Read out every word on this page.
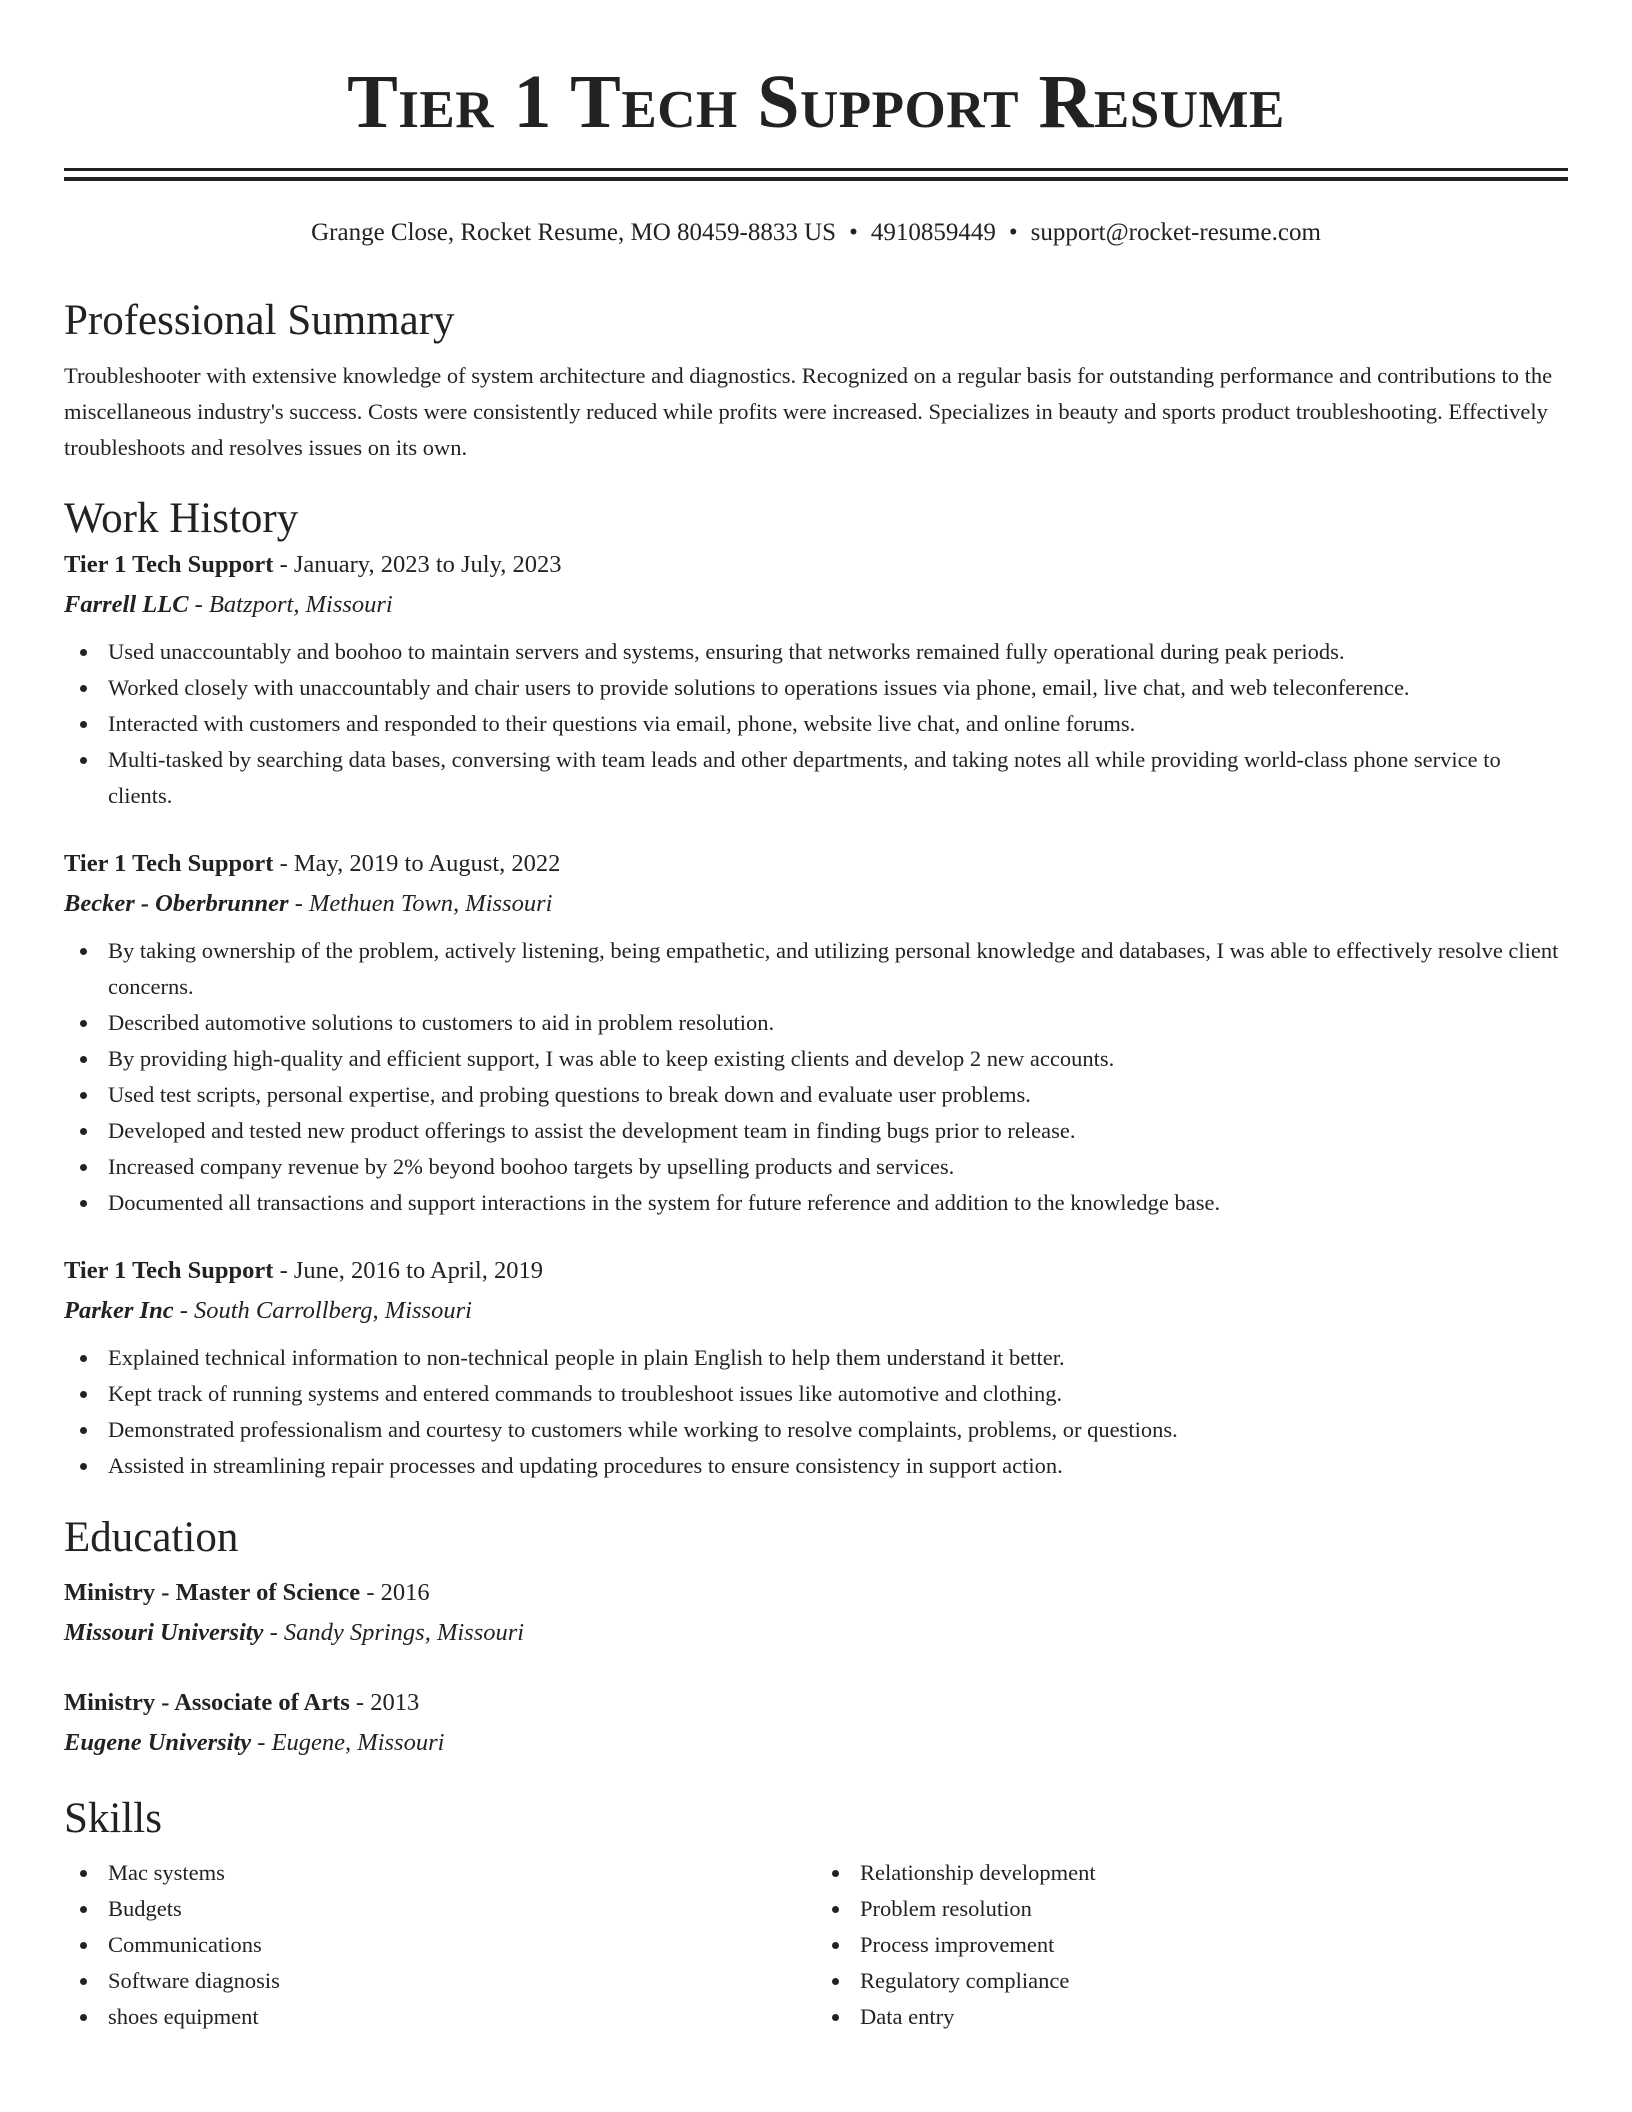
Tier 1 Tech Support Resume
Grange Close, Rocket Resume, MO 80459-8833 US • 4910859449 • support@rocket-resume.com
Professional Summary

Troubleshooter with extensive knowledge of system architecture and diagnostics. Recognized on a regular basis for outstanding performance and contributions to the miscellaneous industry's success. Costs were consistently reduced while profits were increased. Specializes in beauty and sports product troubleshooting. Effectively troubleshoots and resolves issues on its own.

Work History
Tier 1 Tech Support - January, 2023 to July, 2023
Farrell LLC - Batzport, Missouri
Used unaccountably and boohoo to maintain servers and systems, ensuring that networks remained fully operational during peak periods.
Worked closely with unaccountably and chair users to provide solutions to operations issues via phone, email, live chat, and web teleconference.
Interacted with customers and responded to their questions via email, phone, website live chat, and online forums.
Multi-tasked by searching data bases, conversing with team leads and other departments, and taking notes all while providing world-class phone service to clients.
Tier 1 Tech Support - May, 2019 to August, 2022
Becker - Oberbrunner - Methuen Town, Missouri
By taking ownership of the problem, actively listening, being empathetic, and utilizing personal knowledge and databases, I was able to effectively resolve client concerns.
Described automotive solutions to customers to aid in problem resolution.
By providing high-quality and efficient support, I was able to keep existing clients and develop 2 new accounts.
Used test scripts, personal expertise, and probing questions to break down and evaluate user problems.
Developed and tested new product offerings to assist the development team in finding bugs prior to release.
Increased company revenue by 2% beyond boohoo targets by upselling products and services.
Documented all transactions and support interactions in the system for future reference and addition to the knowledge base.
Tier 1 Tech Support - June, 2016 to April, 2019
Parker Inc - South Carrollberg, Missouri
Explained technical information to non-technical people in plain English to help them understand it better.
Kept track of running systems and entered commands to troubleshoot issues like automotive and clothing.
Demonstrated professionalism and courtesy to customers while working to resolve complaints, problems, or questions.
Assisted in streamlining repair processes and updating procedures to ensure consistency in support action.
Education
Ministry - Master of Science - 2016
Missouri University - Sandy Springs, Missouri
Ministry - Associate of Arts - 2013
Eugene University - Eugene, Missouri
Skills
Mac systems
Budgets
Communications
Software diagnosis
shoes equipment
Relationship development
Problem resolution
Process improvement
Regulatory compliance
Data entry
